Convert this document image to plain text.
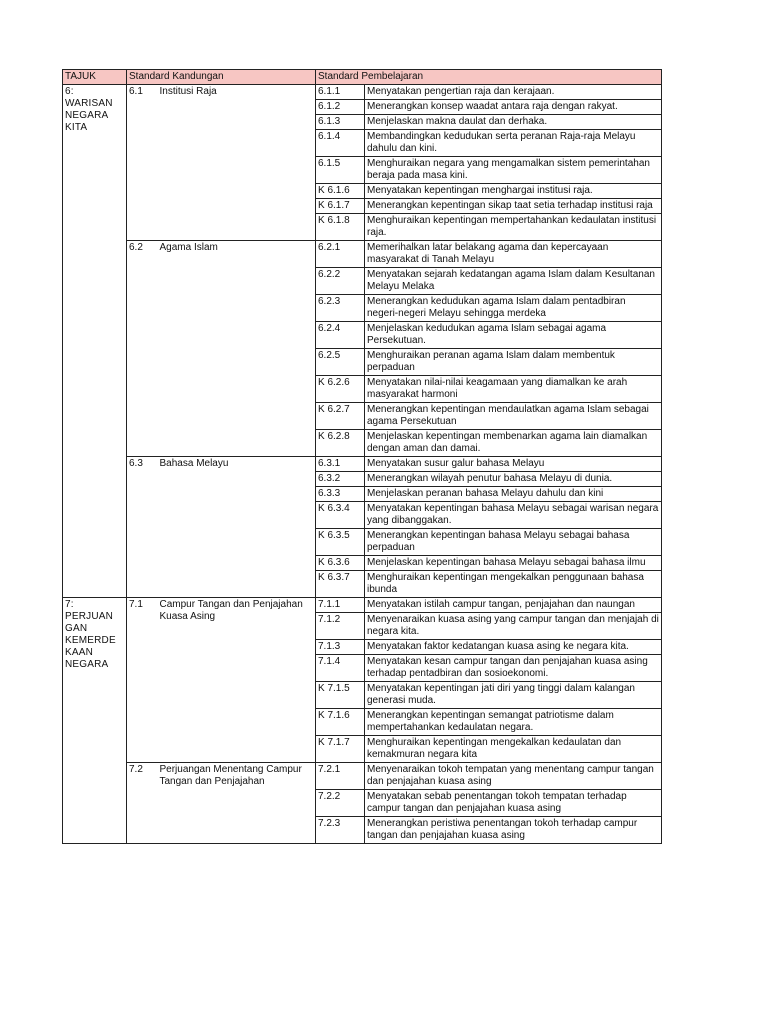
TAJUK	Standard Kandungan		Standard Pembelajaran	
6: WARISAN NEGARA KITA	6.1	Institusi Raja	6.1.1	Menyatakan pengertian raja dan kerajaan.
			6.1.2	Menerangkan konsep waadat antara raja dengan rakyat.
			6.1.3	Menjelaskan makna daulat dan derhaka.
			6.1.4	Membandingkan kedudukan serta peranan Raja-raja Melayu dahulu dan kini.
			6.1.5	Menghuraikan negara yang mengamalkan sistem pemerintahan beraja pada masa kini.
			K 6.1.6	Menyatakan kepentingan menghargai institusi raja.
			K 6.1.7	Menerangkan kepentingan sikap taat setia terhadap institusi raja
			K 6.1.8	Menghuraikan kepentingan mempertahankan kedaulatan institusi raja.
	6.2	Agama Islam	6.2.1	Memerihalkan latar belakang agama dan kepercayaan masyarakat di Tanah Melayu
			6.2.2	Menyatakan sejarah kedatangan agama Islam dalam Kesultanan Melayu Melaka
			6.2.3	Menerangkan kedudukan agama Islam dalam pentadbiran negeri-negeri Melayu sehingga merdeka
			6.2.4	Menjelaskan kedudukan agama Islam sebagai agama Persekutuan.
			6.2.5	Menghuraikan peranan agama Islam dalam membentuk perpaduan
			K 6.2.6	Menyatakan nilai-nilai keagamaan yang diamalkan ke arah masyarakat harmoni
			K 6.2.7	Menerangkan kepentingan mendaulatkan agama Islam sebagai agama Persekutuan
			K 6.2.8	Menjelaskan kepentingan membenarkan agama lain diamalkan dengan aman dan damai.
	6.3	Bahasa Melayu	6.3.1	Menyatakan susur galur bahasa Melayu
			6.3.2	Menerangkan wilayah penutur bahasa Melayu di dunia.
			6.3.3	Menjelaskan peranan bahasa Melayu dahulu dan kini
			K 6.3.4	Menyatakan kepentingan bahasa Melayu sebagai warisan negara yang dibanggakan.
			K 6.3.5	Menerangkan kepentingan bahasa Melayu sebagai bahasa perpaduan
			K 6.3.6	Menjelaskan kepentingan bahasa Melayu sebagai bahasa ilmu
			K 6.3.7	Menghuraikan kepentingan mengekalkan penggunaan bahasa ibunda
7: PERJUAN GAN KEMERDE KAAN NEGARA	7.1	Campur Tangan dan Penjajahan Kuasa Asing	7.1.1	Menyatakan istilah campur tangan, penjajahan dan naungan
			7.1.2	Menyenaraikan kuasa asing yang campur tangan dan menjajah di negara kita.
			7.1.3	Menyatakan faktor kedatangan kuasa asing ke negara kita.
			7.1.4	Menyatakan kesan campur tangan dan penjajahan kuasa asing terhadap pentadbiran dan sosioekonomi.
			K 7.1.5	Menyatakan kepentingan jati diri yang tinggi dalam kalangan generasi muda.
			K 7.1.6	Menerangkan kepentingan semangat patriotisme dalam mempertahankan kedaulatan negara.
			K 7.1.7	Menghuraikan kepentingan mengekalkan kedaulatan dan kemakmuran negara kita
	7.2	Perjuangan Menentang Campur Tangan dan Penjajahan	7.2.1	Menyenaraikan tokoh tempatan yang menentang campur tangan dan penjajahan kuasa asing
			7.2.2	Menyatakan sebab penentangan tokoh tempatan terhadap campur tangan dan penjajahan kuasa asing
			7.2.3	Menerangkan peristiwa penentangan tokoh terhadap campur tangan dan penjajahan kuasa asing
